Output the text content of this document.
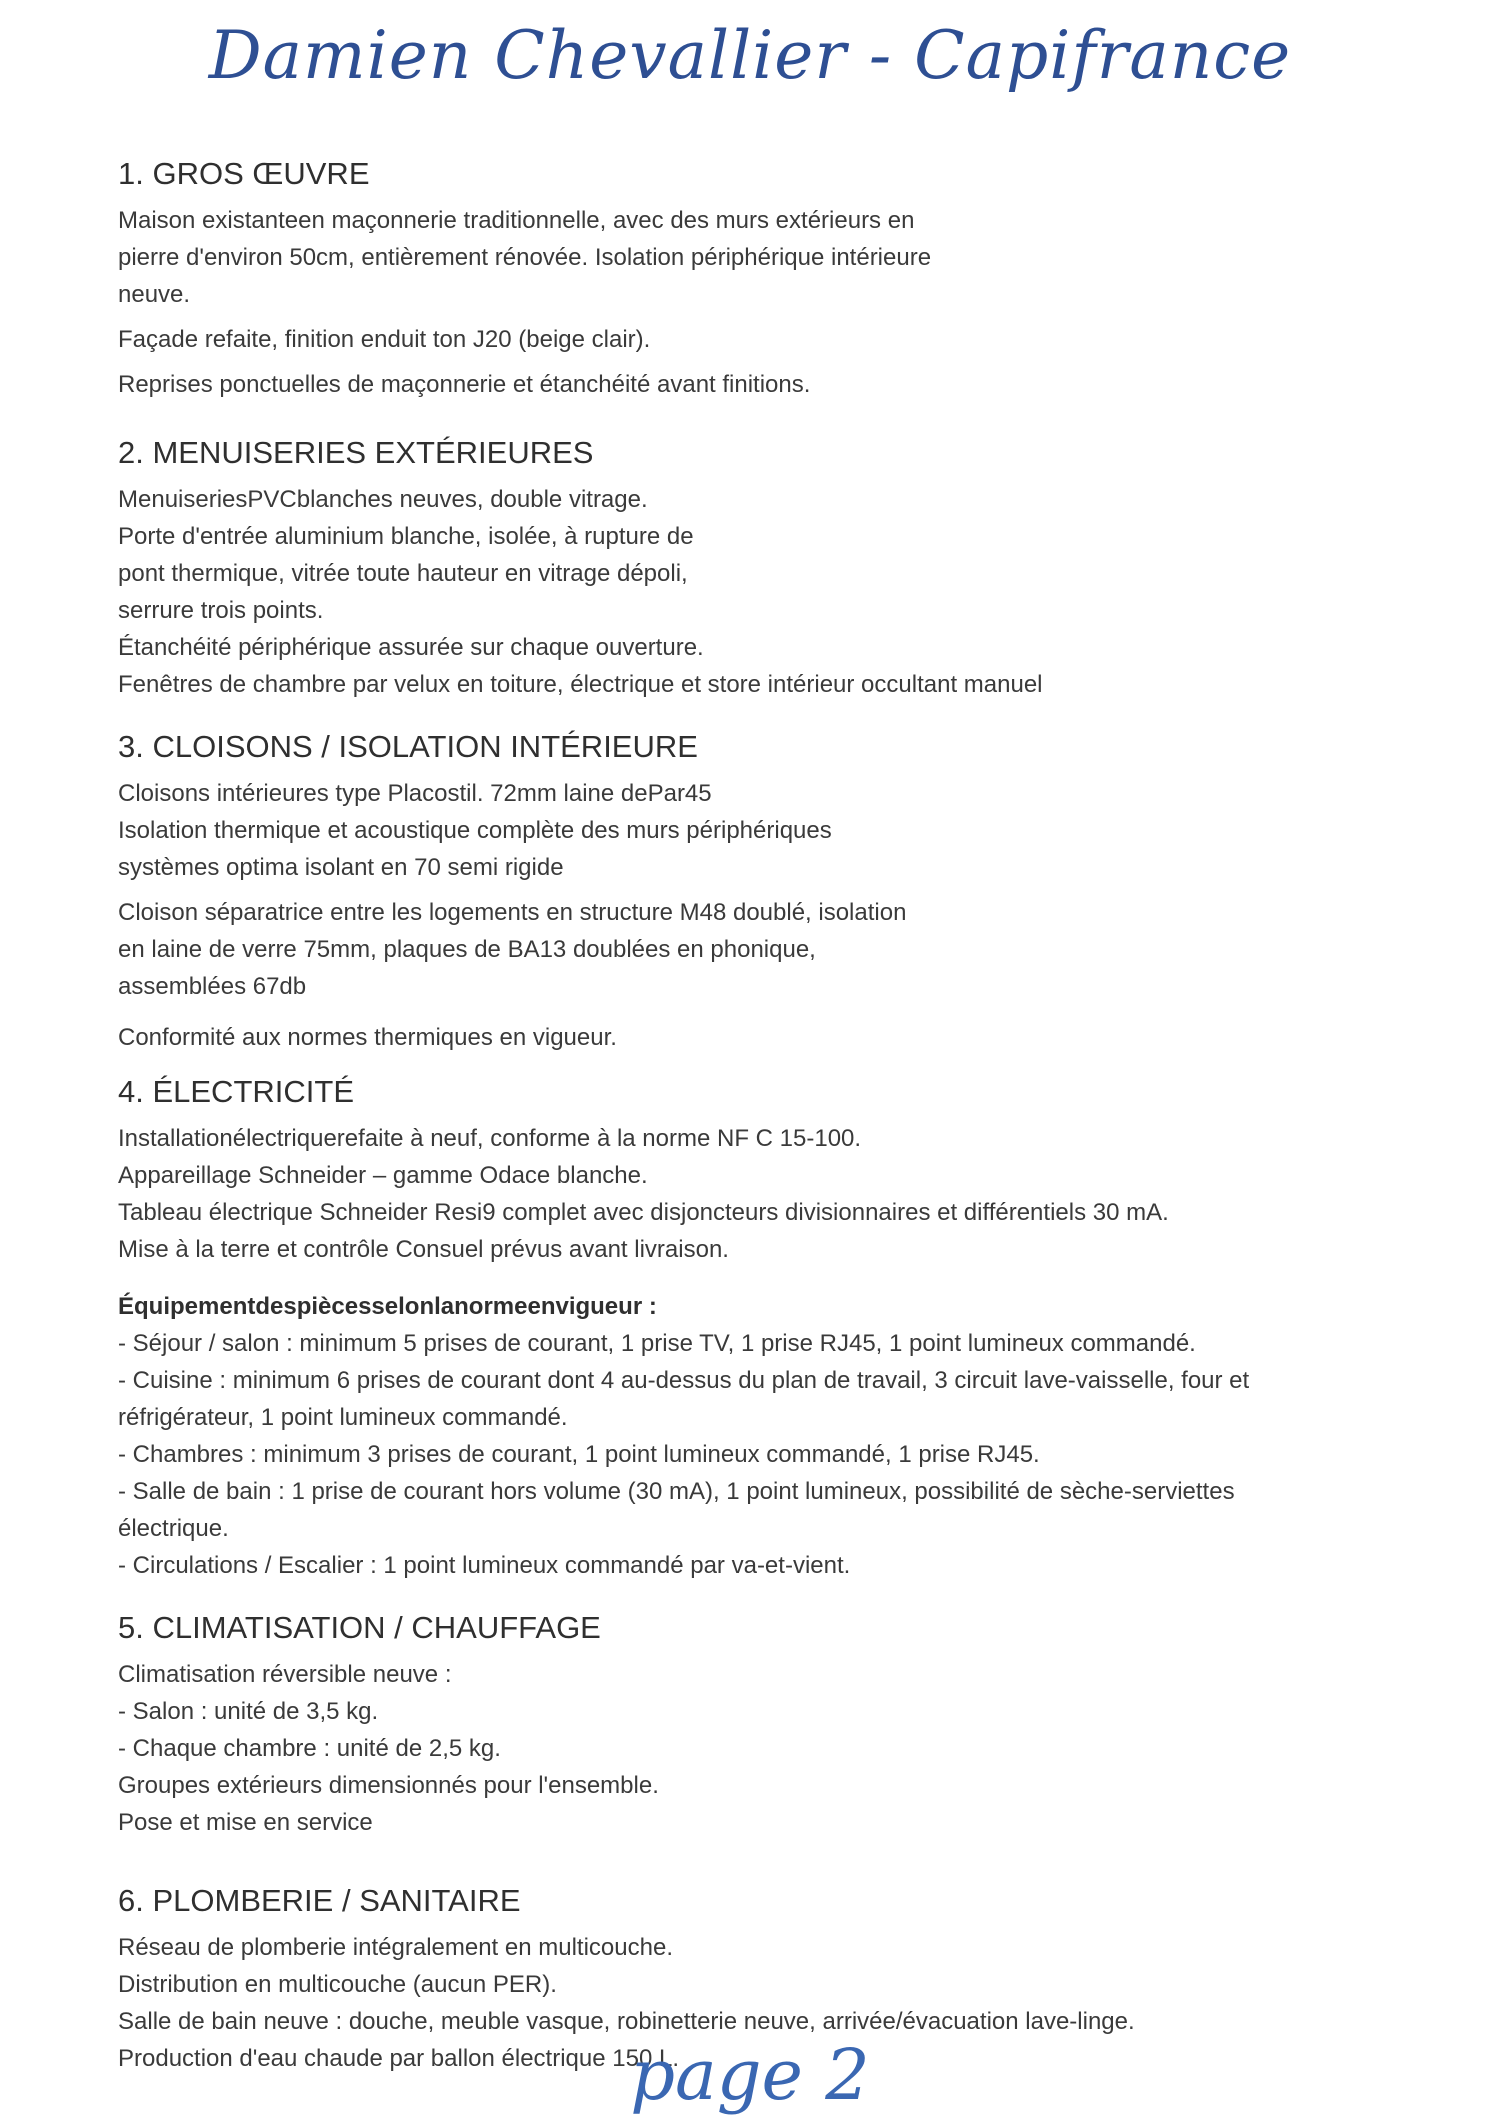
Damien Chevallier - Capifrance
1. GROS ŒUVRE

Maison existanteen maçonnerie traditionnelle, avec des murs extérieurs en

pierre d'environ 50cm, entièrement rénovée. Isolation périphérique intérieure

neuve.

Façade refaite, finition enduit ton J20 (beige clair).

Reprises ponctuelles de maçonnerie et étanchéité avant finitions.

2. MENUISERIES EXTÉRIEURES

MenuiseriesPVCblanches neuves, double vitrage.

Porte d'entrée aluminium blanche, isolée, à rupture de

pont thermique, vitrée toute hauteur en vitrage dépoli,

serrure trois points.

Étanchéité périphérique assurée sur chaque ouverture.

Fenêtres de chambre par velux en toiture, électrique et store intérieur occultant manuel

3. CLOISONS / ISOLATION INTÉRIEURE

Cloisons intérieures type Placostil. 72mm laine dePar45

Isolation thermique et acoustique complète des murs périphériques

systèmes optima isolant en 70 semi rigide

Cloison séparatrice entre les logements en structure M48 doublé, isolation

en laine de verre 75mm, plaques de BA13 doublées en phonique,

assemblées 67db

Conformité aux normes thermiques en vigueur.

4. ÉLECTRICITÉ

Installationélectriquerefaite à neuf, conforme à la norme NF C 15-100.

Appareillage Schneider – gamme Odace blanche.

Tableau électrique Schneider Resi9 complet avec disjoncteurs divisionnaires et différentiels 30 mA.

Mise à la terre et contrôle Consuel prévus avant livraison.

Équipementdespiècesselonlanormeenvigueur :

- Séjour / salon : minimum 5 prises de courant, 1 prise TV, 1 prise RJ45, 1 point lumineux commandé.

- Cuisine : minimum 6 prises de courant dont 4 au-dessus du plan de travail, 3 circuit lave-vaisselle, four et

réfrigérateur, 1 point lumineux commandé.

- Chambres : minimum 3 prises de courant, 1 point lumineux commandé, 1 prise RJ45.

- Salle de bain : 1 prise de courant hors volume (30 mA), 1 point lumineux, possibilité de sèche-serviettes

électrique.

- Circulations / Escalier : 1 point lumineux commandé par va-et-vient.

5. CLIMATISATION / CHAUFFAGE

Climatisation réversible neuve :

- Salon : unité de 3,5 kg.

- Chaque chambre : unité de 2,5 kg.

Groupes extérieurs dimensionnés pour l'ensemble.

Pose et mise en service

6. PLOMBERIE / SANITAIRE

Réseau de plomberie intégralement en multicouche.

Distribution en multicouche (aucun PER).

Salle de bain neuve : douche, meuble vasque, robinetterie neuve, arrivée/évacuation lave-linge.

Production d'eau chaude par ballon électrique 150 L.

page 2
